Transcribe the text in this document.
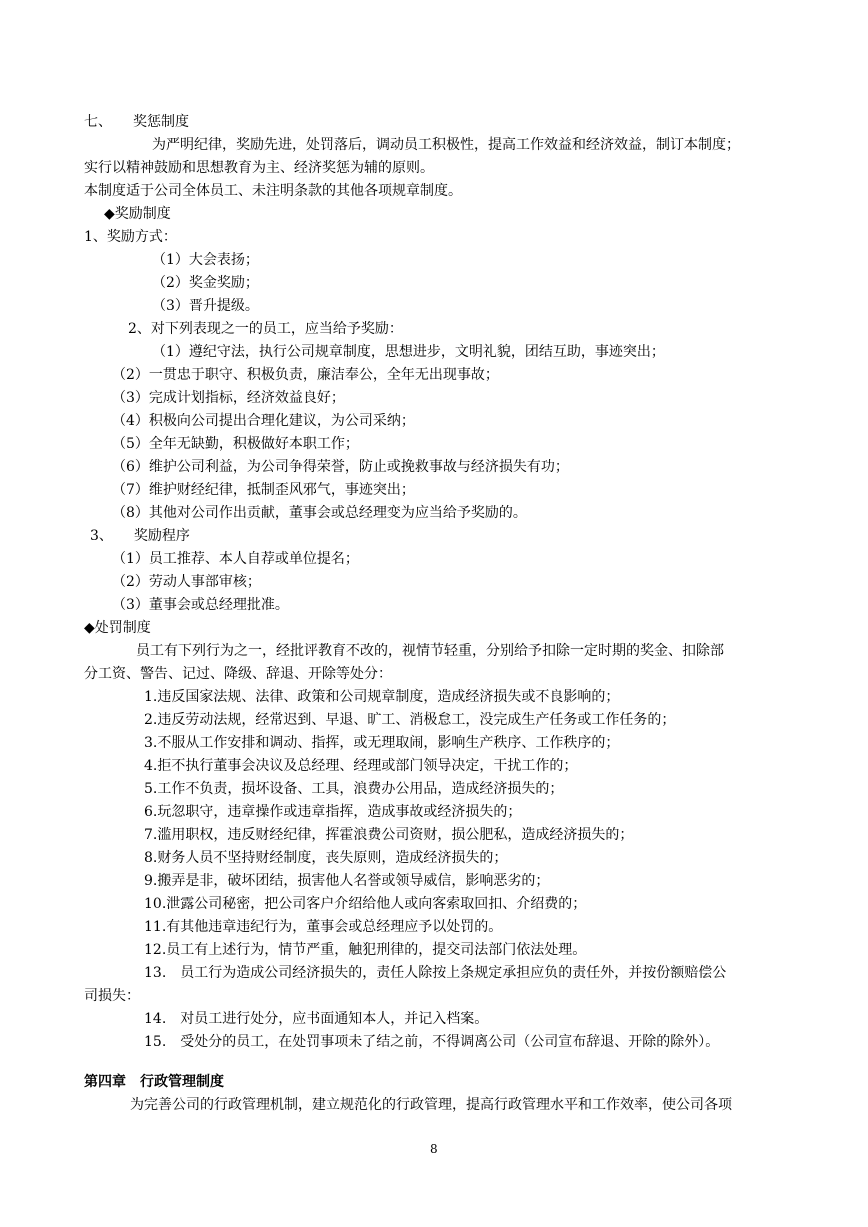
七、　　奖惩制度
为严明纪律，奖励先进，处罚落后，调动员工积极性，提高工作效益和经济效益，制订本制度；
实行以精神鼓励和思想教育为主、经济奖惩为辅的原则。
本制度适于公司全体员工、未注明条款的其他各项规章制度。
◆奖励制度
1、奖励方式：
（1）大会表扬；
（2）奖金奖励；
（3）晋升提级。
2、对下列表现之一的员工，应当给予奖励：
（1）遵纪守法，执行公司规章制度，思想进步，文明礼貌，团结互助，事迹突出；
（2）一贯忠于职守、积极负责，廉洁奉公，全年无出现事故；
（3）完成计划指标，经济效益良好；
（4）积极向公司提出合理化建议，为公司采纳；
（5）全年无缺勤，积极做好本职工作；
（6）维护公司利益，为公司争得荣誉，防止或挽救事故与经济损失有功；
（7）维护财经纪律，抵制歪风邪气，事迹突出；
（8）其他对公司作出贡献，董事会或总经理变为应当给予奖励的。
3、　　奖励程序
（1）员工推荐、本人自荐或单位提名；
（2）劳动人事部审核；
（3）董事会或总经理批准。
◆处罚制度
员工有下列行为之一，经批评教育不改的，视情节轻重，分别给予扣除一定时期的奖金、扣除部
分工资、警告、记过、降级、辞退、开除等处分：
1.违反国家法规、法律、政策和公司规章制度，造成经济损失或不良影响的；
2.违反劳动法规，经常迟到、早退、旷工、消极怠工，没完成生产任务或工作任务的；
3.不服从工作安排和调动、指挥，或无理取闹，影响生产秩序、工作秩序的；
4.拒不执行董事会决议及总经理、经理或部门领导决定，干扰工作的；
5.工作不负责，损坏设备、工具，浪费办公用品，造成经济损失的；
6.玩忽职守，违章操作或违章指挥，造成事故或经济损失的；
7.滥用职权，违反财经纪律，挥霍浪费公司资财，损公肥私，造成经济损失的；
8.财务人员不坚持财经制度，丧失原则，造成经济损失的；
9.搬弄是非，破坏团结，损害他人名誉或领导威信，影响恶劣的；
10.泄露公司秘密，把公司客户介绍给他人或向客索取回扣、介绍费的；
11.有其他违章违纪行为，董事会或总经理应予以处罚的。
12.员工有上述行为，情节严重，触犯刑律的，提交司法部门依法处理。
13.　员工行为造成公司经济损失的，责任人除按上条规定承担应负的责任外，并按份额赔偿公
司损失：
14.　对员工进行处分，应书面通知本人，并记入档案。
15.　受处分的员工，在处罚事项未了结之前，不得调离公司（公司宣布辞退、开除的除外）。
第四章　行政管理制度
为完善公司的行政管理机制，建立规范化的行政管理，提高行政管理水平和工作效率，使公司各项
8
